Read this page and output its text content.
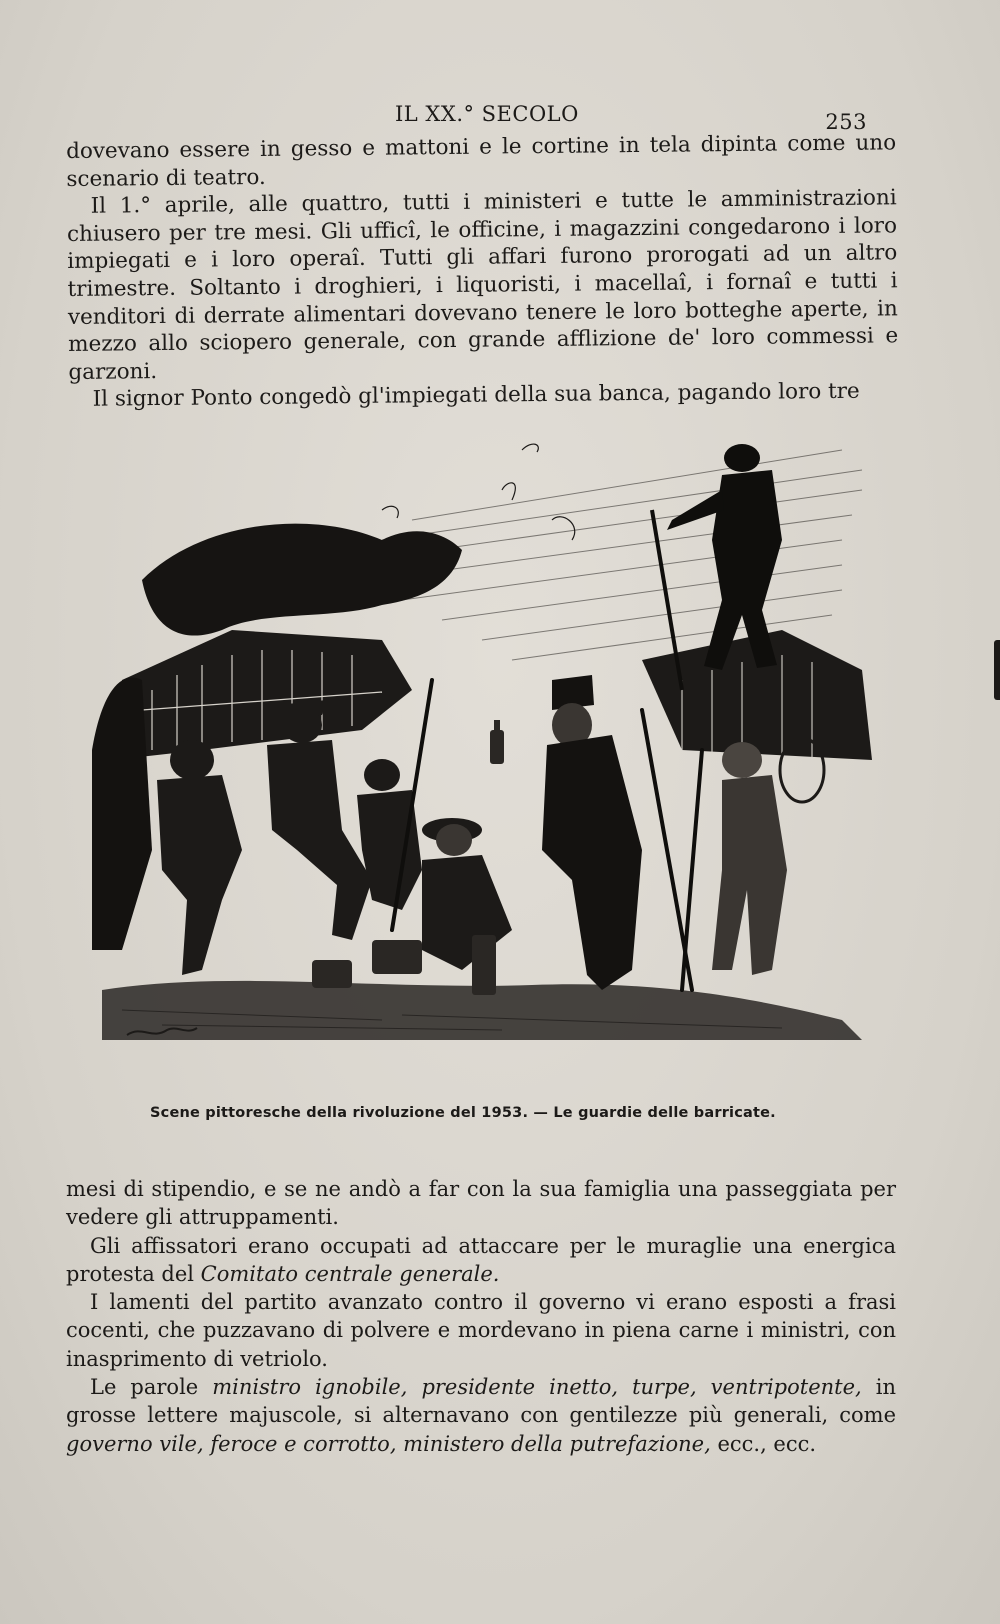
IL XX.° SECOLO	253

dovevano essere in gesso e mattoni e le cortine in tela dipinta come uno scenario di teatro.

Il 1.° aprile, alle quattro, tutti i ministeri e tutte le amministrazioni chiusero per tre mesi. Gli ufficî, le officine, i magazzini congedarono i loro impiegati e i loro operaî. Tutti gli affari furono prorogati ad un altro trimestre. Soltanto i droghieri, i liquoristi, i macellaî, i fornaî e tutti i venditori di derrate alimentari dovevano tenere le loro botteghe aperte, in mezzo allo sciopero generale, con grande afflizione de' loro commessi e garzoni.

Il signor Ponto congedò gl'impiegati della sua banca, pagando loro tre

Scene pittoresche della rivoluzione del 1953. — Le guardie delle barricate.

mesi di stipendio, e se ne andò a far con la sua famiglia una passeggiata per vedere gli attruppamenti.

Gli affissatori erano occupati ad attaccare per le muraglie una energica protesta del Comitato centrale generale.

I lamenti del partito avanzato contro il governo vi erano esposti a frasi cocenti, che puzzavano di polvere e mordevano in piena carne i ministri, con inasprimento di vetriolo.

Le parole ministro ignobile, presidente inetto, turpe, ventripotente, in grosse lettere majuscole, si alternavano con gentilezze più generali, come governo vile, feroce e corrotto, ministero della putrefazione, ecc., ecc.
